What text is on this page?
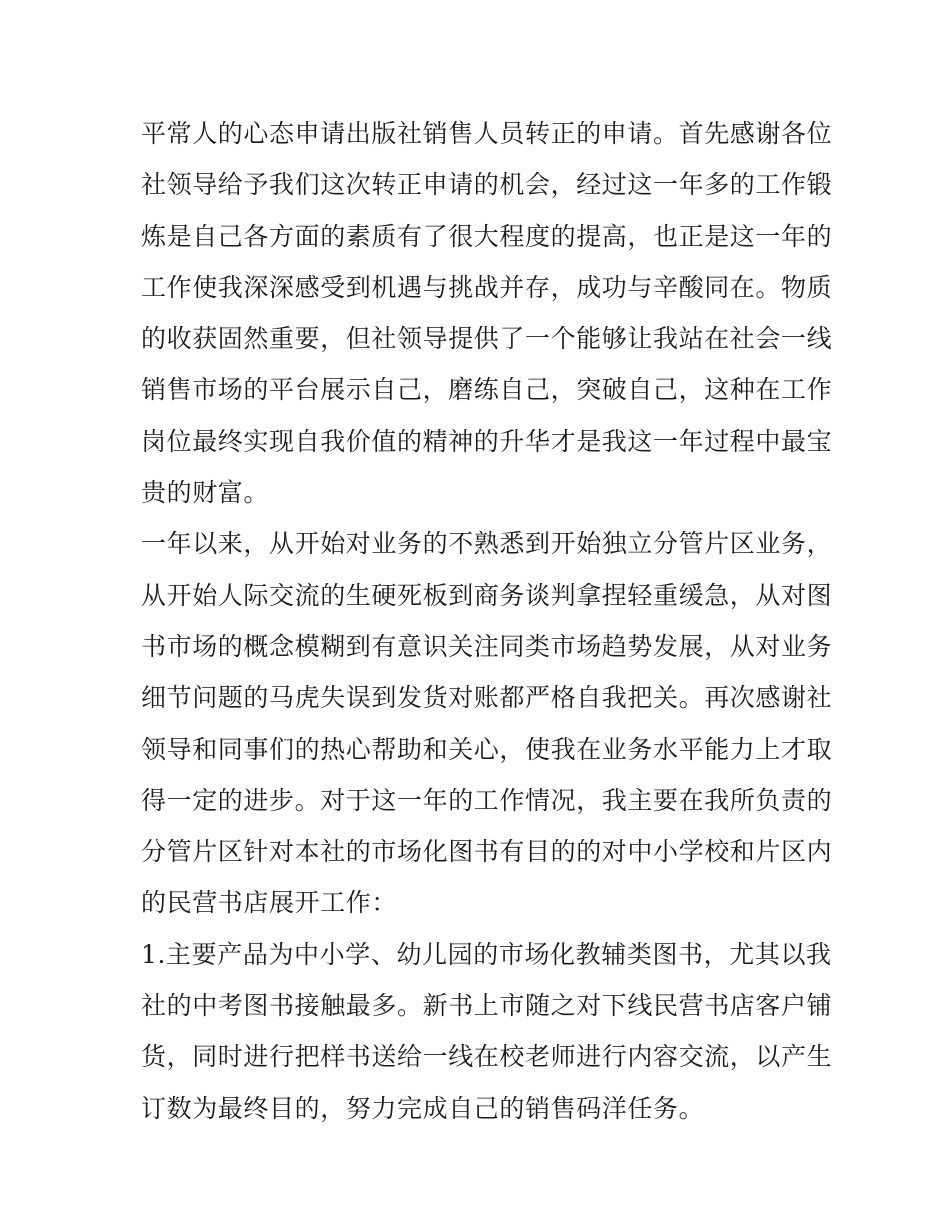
平常人的心态申请出版社销售人员转正的申请。首先感谢各位
社领导给予我们这次转正申请的机会，经过这一年多的工作锻
炼是自己各方面的素质有了很大程度的提高，也正是这一年的
工作使我深深感受到机遇与挑战并存，成功与辛酸同在。物质
的收获固然重要，但社领导提供了一个能够让我站在社会一线
销售市场的平台展示自己，磨练自己，突破自己，这种在工作
岗位最终实现自我价值的精神的升华才是我这一年过程中最宝
贵的财富。
一年以来，从开始对业务的不熟悉到开始独立分管片区业务，
从开始人际交流的生硬死板到商务谈判拿捏轻重缓急，从对图
书市场的概念模糊到有意识关注同类市场趋势发展，从对业务
细节问题的马虎失误到发货对账都严格自我把关。再次感谢社
领导和同事们的热心帮助和关心，使我在业务水平能力上才取
得一定的进步。对于这一年的工作情况，我主要在我所负责的
分管片区针对本社的市场化图书有目的的对中小学校和片区内
的民营书店展开工作：
1.主要产品为中小学、幼儿园的市场化教辅类图书，尤其以我
社的中考图书接触最多。新书上市随之对下线民营书店客户铺
货，同时进行把样书送给一线在校老师进行内容交流，以产生
订数为最终目的，努力完成自己的销售码洋任务。
